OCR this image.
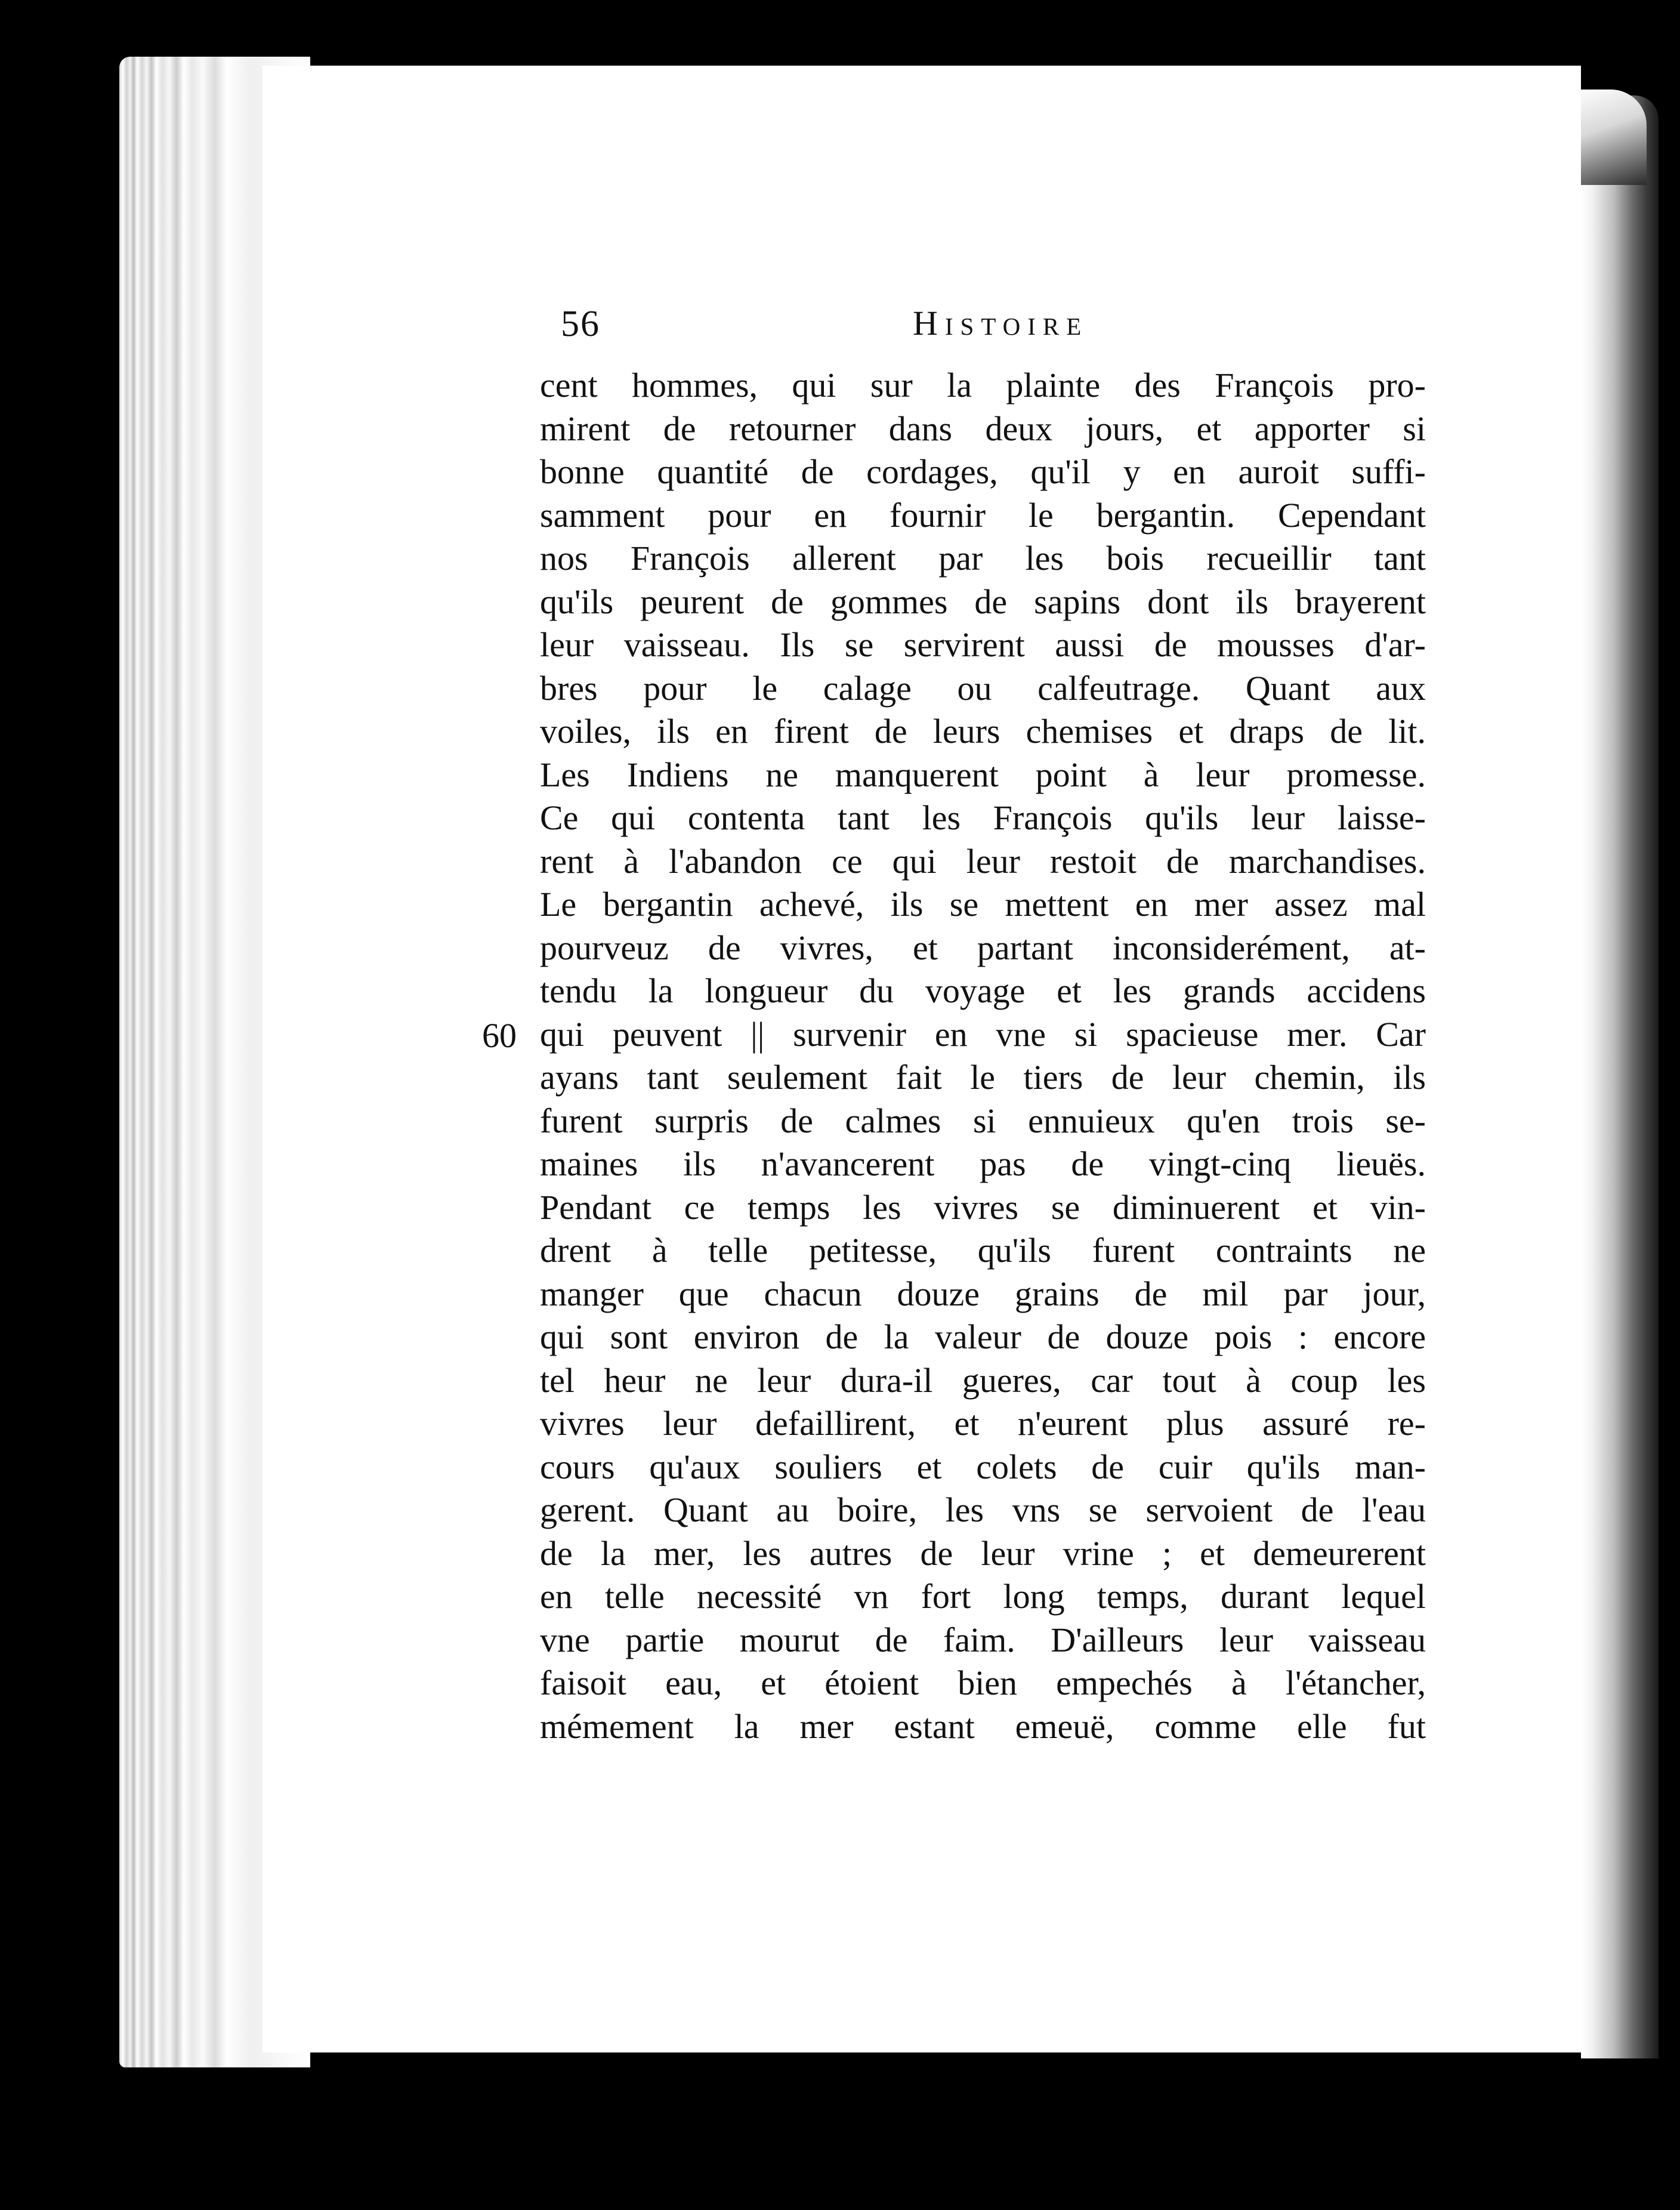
56	Histoire
60
cent hommes, qui sur la plainte des François pro-
mirent de retourner dans deux jours, et apporter si
bonne quantité de cordages, qu'il y en auroit suffi-
samment pour en fournir le bergantin. Cependant
nos François allerent par les bois recueillir tant
qu'ils peurent de gommes de sapins dont ils brayerent
leur vaisseau. Ils se servirent aussi de mousses d'ar-
bres pour le calage ou calfeutrage. Quant aux
voiles, ils en firent de leurs chemises et draps de lit.
Les Indiens ne manquerent point à leur promesse.
Ce qui contenta tant les François qu'ils leur laisse-
rent à l'abandon ce qui leur restoit de marchandises.
Le bergantin achevé, ils se mettent en mer assez mal
pourveuz de vivres, et partant inconsiderément, at-
tendu la longueur du voyage et les grands accidens
qui peuvent || survenir en vne si spacieuse mer. Car
ayans tant seulement fait le tiers de leur chemin, ils
furent surpris de calmes si ennuieux qu'en trois se-
maines ils n'avancerent pas de vingt-cinq lieuës.
Pendant ce temps les vivres se diminuerent et vin-
drent à telle petitesse, qu'ils furent contraints ne
manger que chacun douze grains de mil par jour,
qui sont environ de la valeur de douze pois : encore
tel heur ne leur dura-il gueres, car tout à coup les
vivres leur defaillirent, et n'eurent plus assuré re-
cours qu'aux souliers et colets de cuir qu'ils man-
gerent. Quant au boire, les vns se servoient de l'eau
de la mer, les autres de leur vrine ; et demeurerent
en telle necessité vn fort long temps, durant lequel
vne partie mourut de faim. D'ailleurs leur vaisseau
faisoit eau, et étoient bien empechés à l'étancher,
mémement la mer estant emeuë, comme elle fut
